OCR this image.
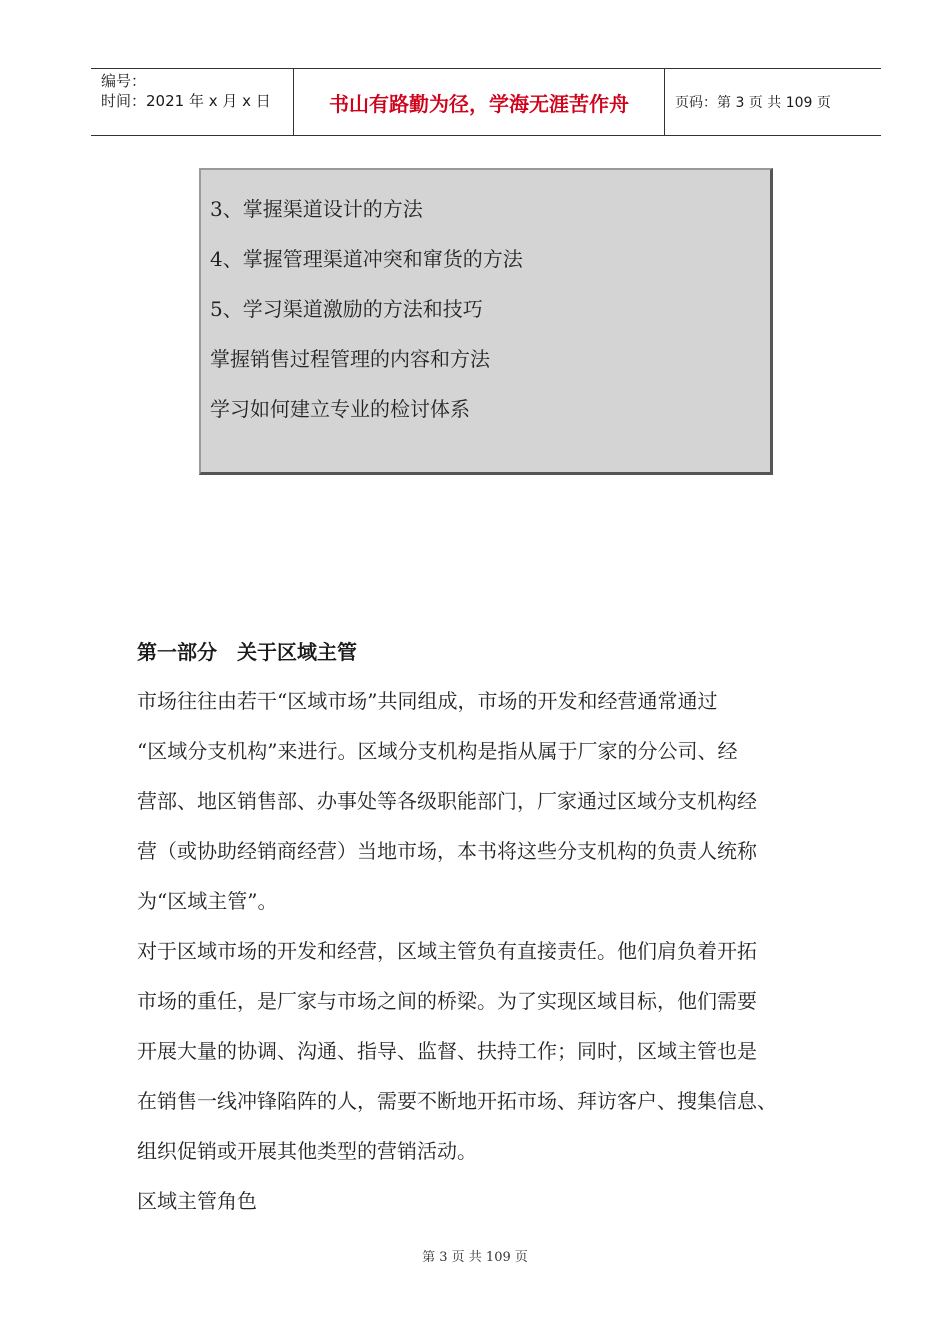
编号：
时间：2021 年 x 月 x 日	书山有路勤为径，学海无涯苦作舟	页码：第 3 页 共 109 页
3、掌握渠道设计的方法
4、掌握管理渠道冲突和窜货的方法
5、学习渠道激励的方法和技巧
掌握销售过程管理的内容和方法
学习如何建立专业的检讨体系
第一部分　关于区域主管
市场往往由若干“区域市场”共同组成，市场的开发和经营通常通过
“区域分支机构”来进行。区域分支机构是指从属于厂家的分公司、经
营部、地区销售部、办事处等各级职能部门，厂家通过区域分支机构经
营（或协助经销商经营）当地市场，本书将这些分支机构的负责人统称
为“区域主管”。
对于区域市场的开发和经营，区域主管负有直接责任。他们肩负着开拓
市场的重任，是厂家与市场之间的桥梁。为了实现区域目标，他们需要
开展大量的协调、沟通、指导、监督、扶持工作；同时，区域主管也是
在销售一线冲锋陷阵的人，需要不断地开拓市场、拜访客户、搜集信息、
组织促销或开展其他类型的营销活动。
区域主管角色
第 3 页 共 109 页
